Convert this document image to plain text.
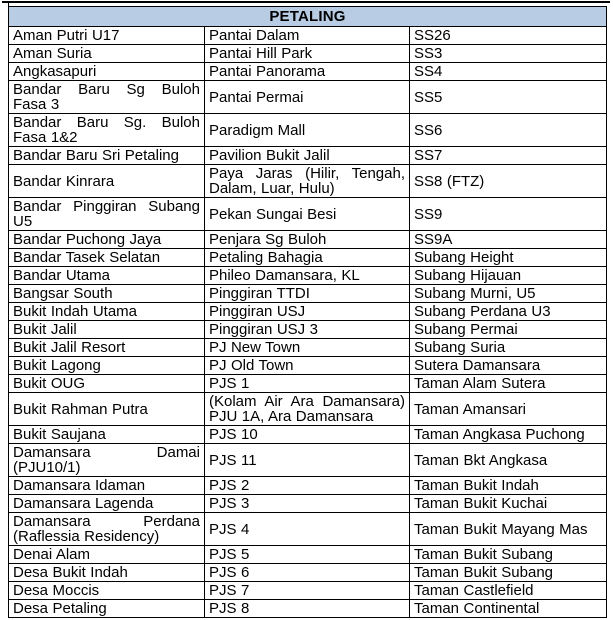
PETALING		
Aman Putri U17	Pantai Dalam	SS26
Aman Suria	Pantai Hill Park	SS3
Angkasapuri	Pantai Panorama	SS4
Bandar Baru Sg Buloh Fasa 3	Pantai Permai	SS5
Bandar Baru Sg. Buloh Fasa 1&2	Paradigm Mall	SS6
Bandar Baru Sri Petaling	Pavilion Bukit Jalil	SS7
Bandar Kinrara	Paya Jaras (Hilir, Tengah, Dalam, Luar, Hulu)	SS8 (FTZ)
Bandar Pinggiran Subang U5	Pekan Sungai Besi	SS9
Bandar Puchong Jaya	Penjara Sg Buloh	SS9A
Bandar Tasek Selatan	Petaling Bahagia	Subang Height
Bandar Utama	Phileo Damansara, KL	Subang Hijauan
Bangsar South	Pinggiran TTDI	Subang Murni, U5
Bukit Indah Utama	Pinggiran USJ	Subang Perdana U3
Bukit Jalil	Pinggiran USJ 3	Subang Permai
Bukit Jalil Resort	PJ New Town	Subang Suria
Bukit Lagong	PJ Old Town	Sutera Damansara
Bukit OUG	PJS 1	Taman Alam Sutera
Bukit Rahman Putra	(Kolam Air Ara Damansara) PJU 1A, Ara Damansara	Taman Amansari
Bukit Saujana	PJS 10	Taman Angkasa Puchong
Damansara Damai (PJU10/1)	PJS 11	Taman Bkt Angkasa
Damansara Idaman	PJS 2	Taman Bukit Indah
Damansara Lagenda	PJS 3	Taman Bukit Kuchai
Damansara Perdana (Raflessia Residency)	PJS 4	Taman Bukit Mayang Mas
Denai Alam	PJS 5	Taman Bukit Subang
Desa Bukit Indah	PJS 6	Taman Bukit Subang
Desa Moccis	PJS 7	Taman Castlefield
Desa Petaling	PJS 8	Taman Continental
